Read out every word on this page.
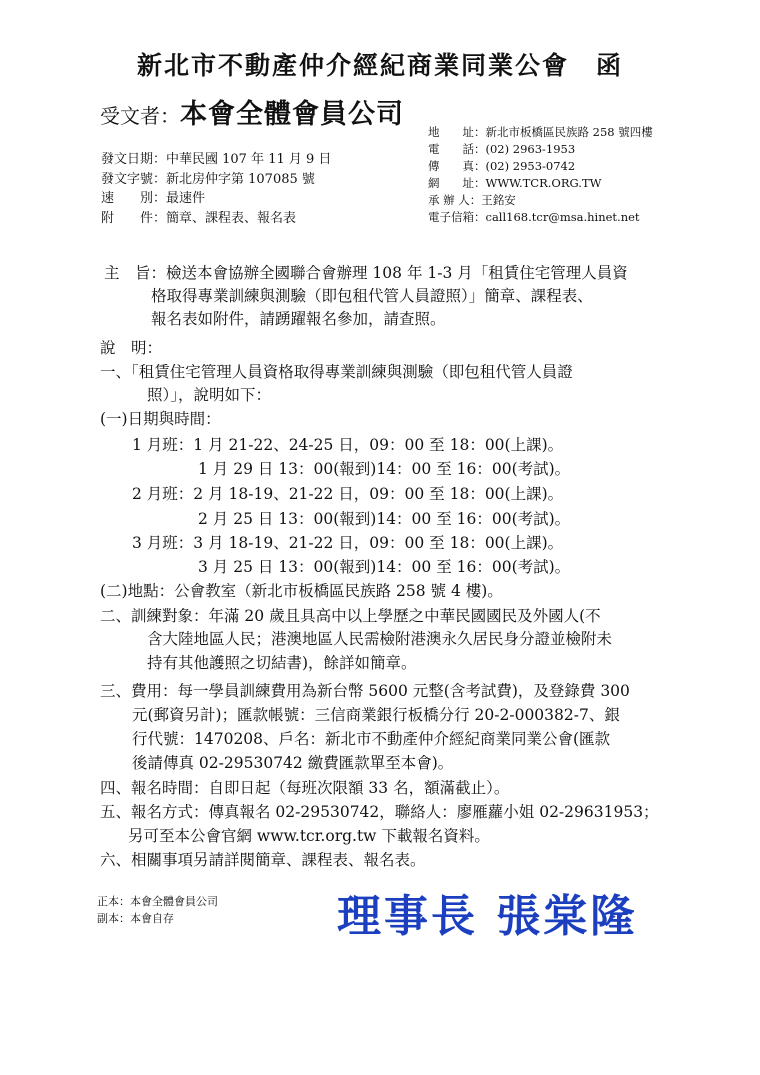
新北市不動產仲介經紀商業同業公會　函
受文者：本會全體會員公司
地　　址：新北市板橋區民族路 258 號四樓
電　　話：(02) 2963-1953
傳　　真：(02) 2953-0742
網　　址：WWW.TCR.ORG.TW
承 辦 人：王銘安
電子信箱：call168.tcr@msa.hinet.net
發文日期：中華民國 107 年 11 月 9 日
發文字號：新北房仲字第 107085 號
速　　別：最速件
附　　件：簡章、課程表、報名表
主　旨：檢送本會協辦全國聯合會辦理 108 年 1-3 月「租賃住宅管理人員資
格取得專業訓練與測驗（即包租代管人員證照）」簡章、課程表、
報名表如附件，請踴躍報名參加，請查照。
說　明：
一、「租賃住宅管理人員資格取得專業訓練與測驗（即包租代管人員證
照）」，說明如下：
(一)日期與時間：
1 月班：1 月 21-22、24-25 日，09：00 至 18：00(上課)。
1 月 29 日 13：00(報到)14：00 至 16：00(考試)。
2 月班：2 月 18-19、21-22 日，09：00 至 18：00(上課)。
2 月 25 日 13：00(報到)14：00 至 16：00(考試)。
3 月班：3 月 18-19、21-22 日，09：00 至 18：00(上課)。
3 月 25 日 13：00(報到)14：00 至 16：00(考試)。
(二)地點：公會教室（新北市板橋區民族路 258 號 4 樓)。
二、訓練對象：年滿 20 歲且具高中以上學歷之中華民國國民及外國人(不
含大陸地區人民；港澳地區人民需檢附港澳永久居民身分證並檢附未
持有其他護照之切結書)，餘詳如簡章。
三、費用：每一學員訓練費用為新台幣 5600 元整(含考試費)，及登錄費 300
元(郵資另計)；匯款帳號：三信商業銀行板橋分行 20-2-000382-7、銀
行代號：1470208、戶名：新北市不動產仲介經紀商業同業公會(匯款
後請傳真 02-29530742 繳費匯款單至本會)。
四、報名時間：自即日起（每班次限額 33 名，額滿截止）。
五、報名方式：傳真報名 02-29530742，聯絡人：廖雁蘿小姐 02-29631953；
另可至本公會官網 www.tcr.org.tw 下載報名資料。
六、相關事項另請詳閱簡章、課程表、報名表。
正本：本會全體會員公司
副本：本會自存	理事長 張棠隆
